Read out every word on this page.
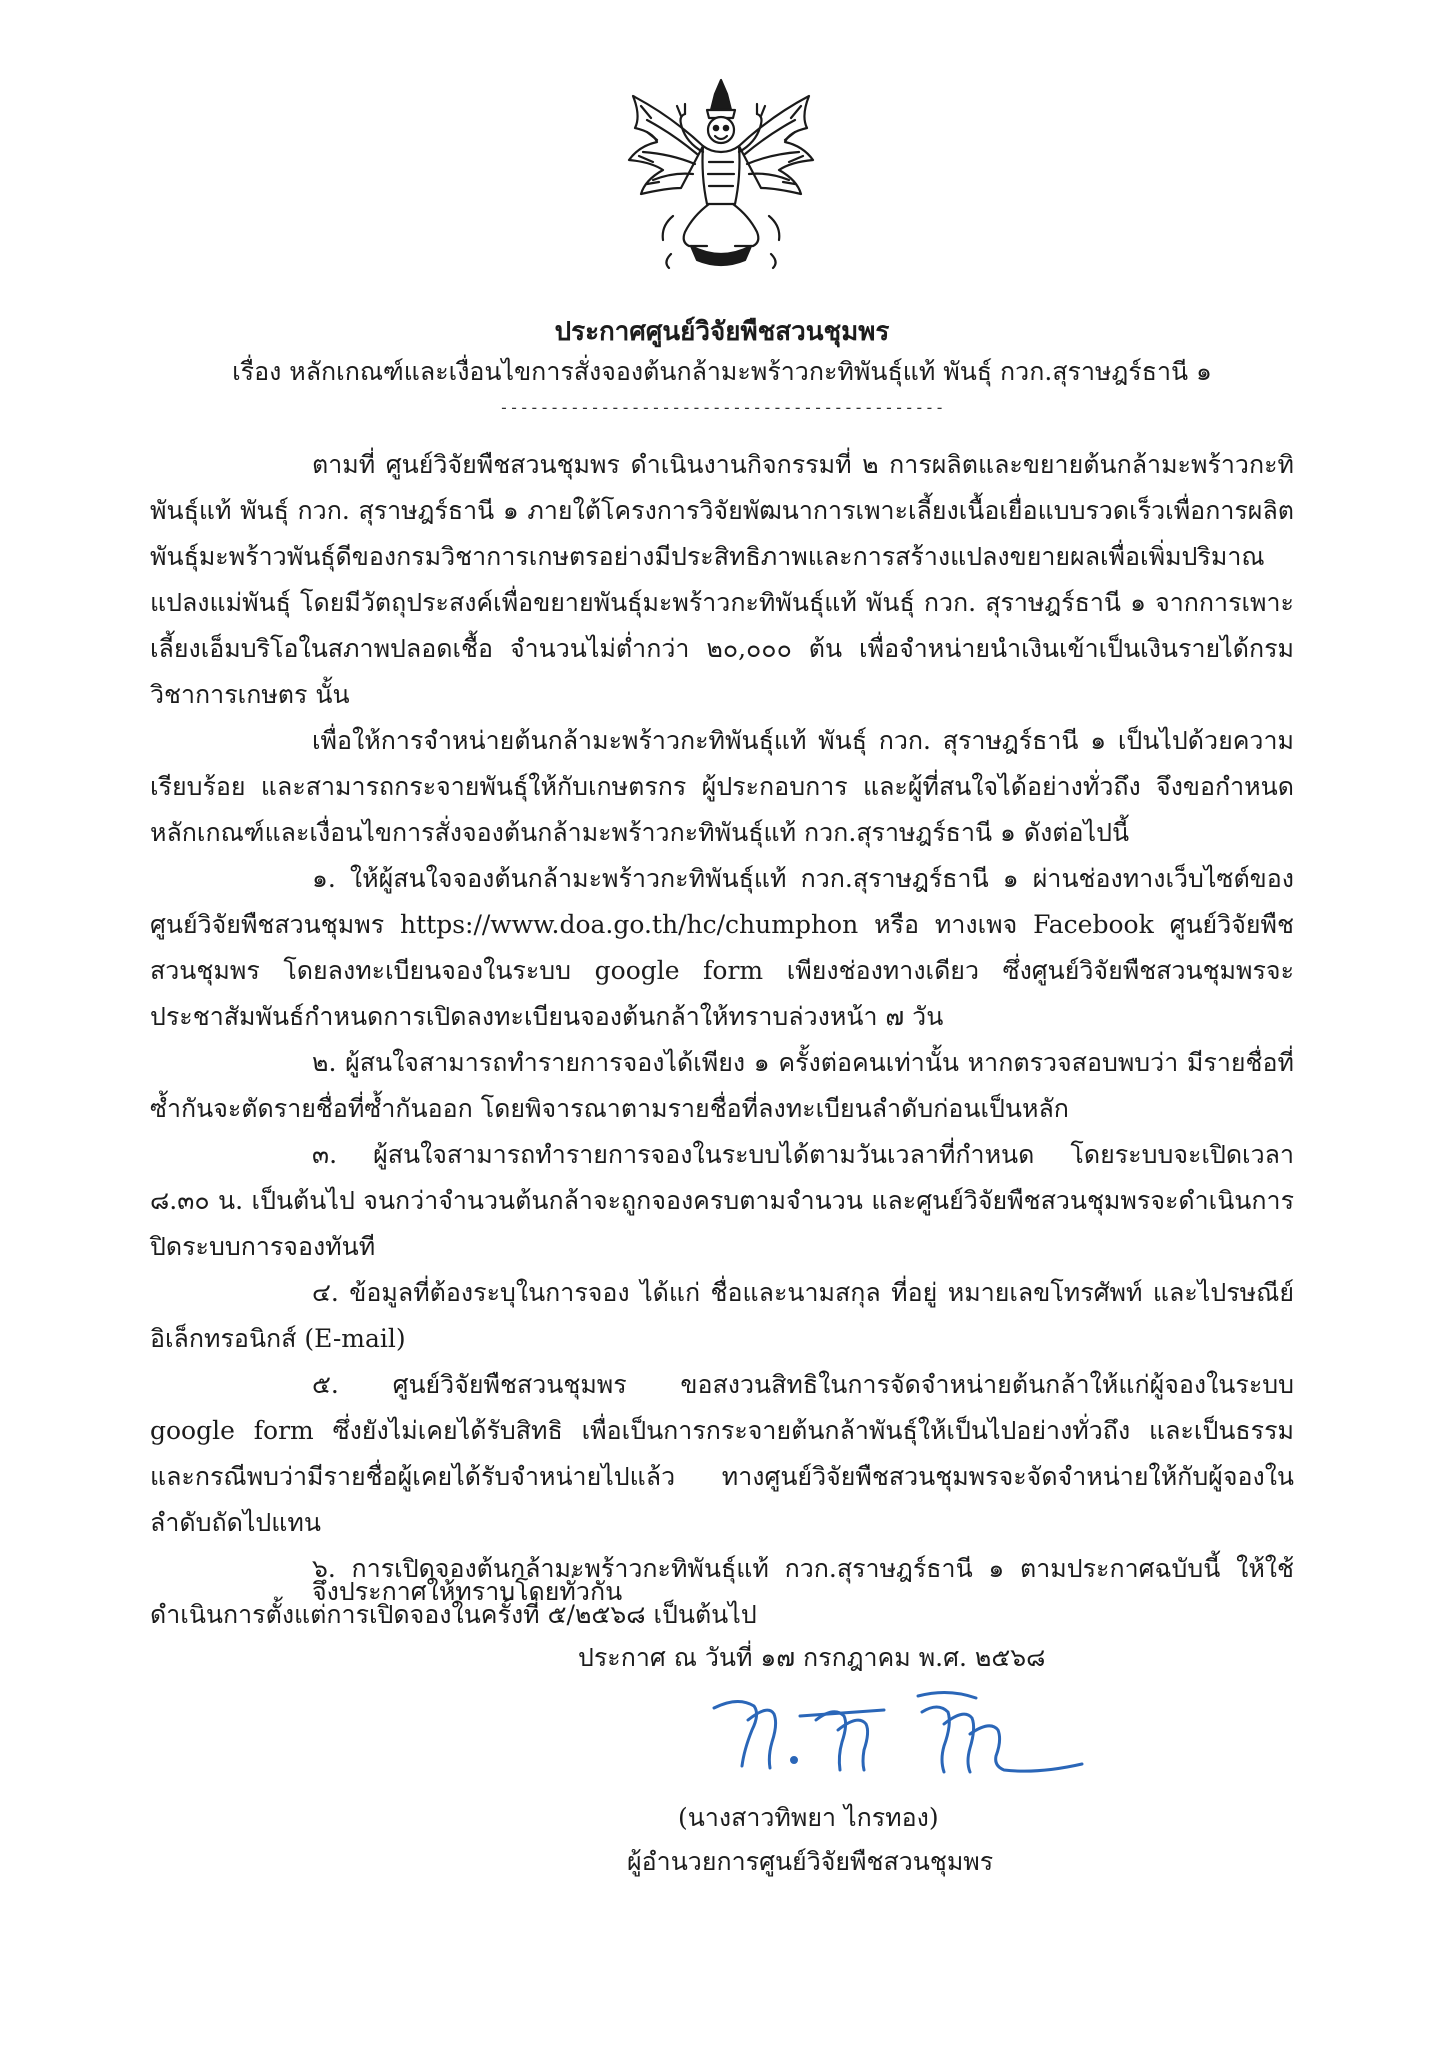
ประกาศศูนย์วิจัยพืชสวนชุมพร
เรื่อง หลักเกณฑ์และเงื่อนไขการสั่งจองต้นกล้ามะพร้าวกะทิพันธุ์แท้ พันธุ์ กวก.สุราษฎร์ธานี ๑
--------------------------------------------

ตามที่ ศูนย์วิจัยพืชสวนชุมพร ดำเนินงานกิจกรรมที่ ๒ การผลิตและขยายต้นกล้ามะพร้าวกะทิพันธุ์แท้ พันธุ์ กวก. สุราษฎร์ธานี ๑ ภายใต้โครงการวิจัยพัฒนาการเพาะเลี้ยงเนื้อเยื่อแบบรวดเร็วเพื่อการผลิตพันธุ์มะพร้าวพันธุ์ดีของกรมวิชาการเกษตรอย่างมีประสิทธิภาพและการสร้างแปลงขยายผลเพื่อเพิ่มปริมาณแปลงแม่พันธุ์ โดยมีวัตถุประสงค์เพื่อขยายพันธุ์มะพร้าวกะทิพันธุ์แท้ พันธุ์ กวก. สุราษฎร์ธานี ๑ จากการเพาะเลี้ยงเอ็มบริโอในสภาพปลอดเชื้อ จำนวนไม่ต่ำกว่า ๒๐,๐๐๐ ต้น เพื่อจำหน่ายนำเงินเข้าเป็นเงินรายได้กรมวิชาการเกษตร นั้น

เพื่อให้การจำหน่ายต้นกล้ามะพร้าวกะทิพันธุ์แท้ พันธุ์ กวก. สุราษฎร์ธานี ๑ เป็นไปด้วยความเรียบร้อย และสามารถกระจายพันธุ์ให้กับเกษตรกร ผู้ประกอบการ และผู้ที่สนใจได้อย่างทั่วถึง จึงขอกำหนดหลักเกณฑ์และเงื่อนไขการสั่งจองต้นกล้ามะพร้าวกะทิพันธุ์แท้ กวก.สุราษฎร์ธานี ๑ ดังต่อไปนี้

๑. ให้ผู้สนใจจองต้นกล้ามะพร้าวกะทิพันธุ์แท้ กวก.สุราษฎร์ธานี ๑ ผ่านช่องทางเว็บไซต์ของศูนย์วิจัยพืชสวนชุมพร https://www.doa.go.th/hc/chumphon หรือ ทางเพจ Facebook ศูนย์วิจัยพืชสวนชุมพร โดยลงทะเบียนจองในระบบ google form เพียงช่องทางเดียว ซึ่งศูนย์วิจัยพืชสวนชุมพรจะประชาสัมพันธ์กำหนดการเปิดลงทะเบียนจองต้นกล้าให้ทราบล่วงหน้า ๗ วัน

๒. ผู้สนใจสามารถทำรายการจองได้เพียง ๑ ครั้งต่อคนเท่านั้น หากตรวจสอบพบว่า มีรายชื่อที่ซ้ำกันจะตัดรายชื่อที่ซ้ำกันออก โดยพิจารณาตามรายชื่อที่ลงทะเบียนลำดับก่อนเป็นหลัก

๓. ผู้สนใจสามารถทำรายการจองในระบบได้ตามวันเวลาที่กำหนด โดยระบบจะเปิดเวลา ๘.๓๐ น. เป็นต้นไป จนกว่าจำนวนต้นกล้าจะถูกจองครบตามจำนวน และศูนย์วิจัยพืชสวนชุมพรจะดำเนินการปิดระบบการจองทันที

๔. ข้อมูลที่ต้องระบุในการจอง ได้แก่ ชื่อและนามสกุล ที่อยู่ หมายเลขโทรศัพท์ และไปรษณีย์อิเล็กทรอนิกส์ (E-mail)

๕. ศูนย์วิจัยพืชสวนชุมพร ขอสงวนสิทธิในการจัดจำหน่ายต้นกล้าให้แก่ผู้จองในระบบ google form ซึ่งยังไม่เคยได้รับสิทธิ เพื่อเป็นการกระจายต้นกล้าพันธุ์ให้เป็นไปอย่างทั่วถึง และเป็นธรรมและกรณีพบว่ามีรายชื่อผู้เคยได้รับจำหน่ายไปแล้ว ทางศูนย์วิจัยพืชสวนชุมพรจะจัดจำหน่ายให้กับผู้จองในลำดับถัดไปแทน

๖. การเปิดจองต้นกล้ามะพร้าวกะทิพันธุ์แท้ กวก.สุราษฎร์ธานี ๑ ตามประกาศฉบับนี้ ให้ใช้ดำเนินการตั้งแต่การเปิดจองในครั้งที่ ๕/๒๕๖๘ เป็นต้นไป

จึงประกาศให้ทราบโดยทั่วกัน
ประกาศ ณ วันที่ ๑๗ กรกฎาคม พ.ศ. ๒๕๖๘
(นางสาวทิพยา ไกรทอง)
ผู้อำนวยการศูนย์วิจัยพืชสวนชุมพร
